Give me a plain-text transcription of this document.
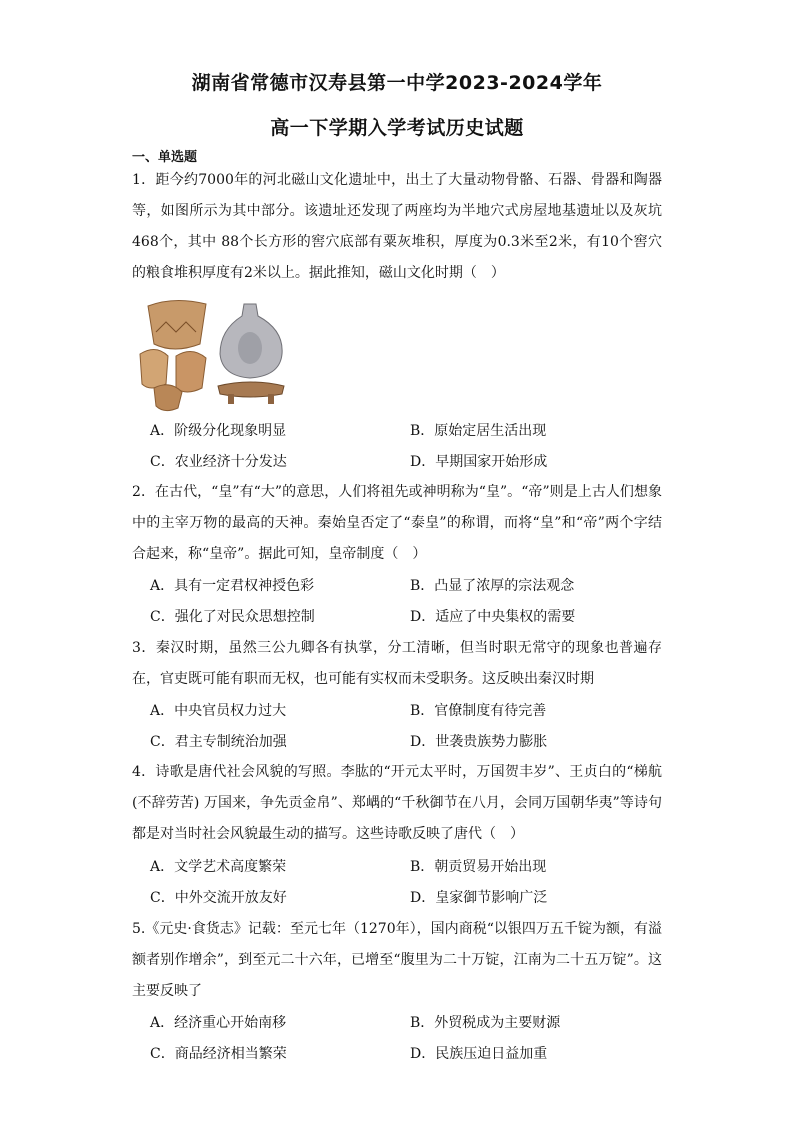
湖南省常德市汉寿县第一中学2023-2024学年
高一下学期入学考试历史试题
一、单选题
1．距今约7000年的河北磁山文化遗址中，出土了大量动物骨骼、石器、骨器和陶器等，如图所示为其中部分。该遗址还发现了两座均为半地穴式房屋地基遗址以及灰坑468个，其中 88个长方形的窖穴底部有粟灰堆积，厚度为0.3米至2米，有10个窖穴的粮食堆积厚度有2米以上。据此推知，磁山文化时期（　）
A．阶级分化现象明显	B．原始定居生活出现
C．农业经济十分发达	D．早期国家开始形成
2．在古代，“皇”有“大”的意思，人们将祖先或神明称为“皇”。“帝”则是上古人们想象中的主宰万物的最高的天神。秦始皇否定了“泰皇”的称谓，而将“皇”和“帝”两个字结合起来，称“皇帝”。据此可知，皇帝制度（　）
A．具有一定君权神授色彩	B．凸显了浓厚的宗法观念
C．强化了对民众思想控制	D．适应了中央集权的需要
3．秦汉时期，虽然三公九卿各有执掌，分工清晰，但当时职无常守的现象也普遍存在，官吏既可能有职而无权，也可能有实权而未受职务。这反映出秦汉时期
A．中央官员权力过大	B．官僚制度有待完善
C．君主专制统治加强	D．世袭贵族势力膨胀
4．诗歌是唐代社会风貌的写照。李肱的“开元太平时，万国贺丰岁”、王贞白的“梯航(不辞劳苦) 万国来，争先贡金帛”、郑嵎的“千秋御节在八月，会同万国朝华夷”等诗句都是对当时社会风貌最生动的描写。这些诗歌反映了唐代（　）
A．文学艺术高度繁荣	B．朝贡贸易开始出现
C．中外交流开放友好	D．皇家御节影响广泛
5.《元史·食货志》记载：至元七年（1270年），国内商税“以银四万五千锭为额，有溢额者别作增余”，到至元二十六年，已增至“腹里为二十万锭，江南为二十五万锭”。这主要反映了
A．经济重心开始南移	B．外贸税成为主要财源
C．商品经济相当繁荣	D．民族压迫日益加重
